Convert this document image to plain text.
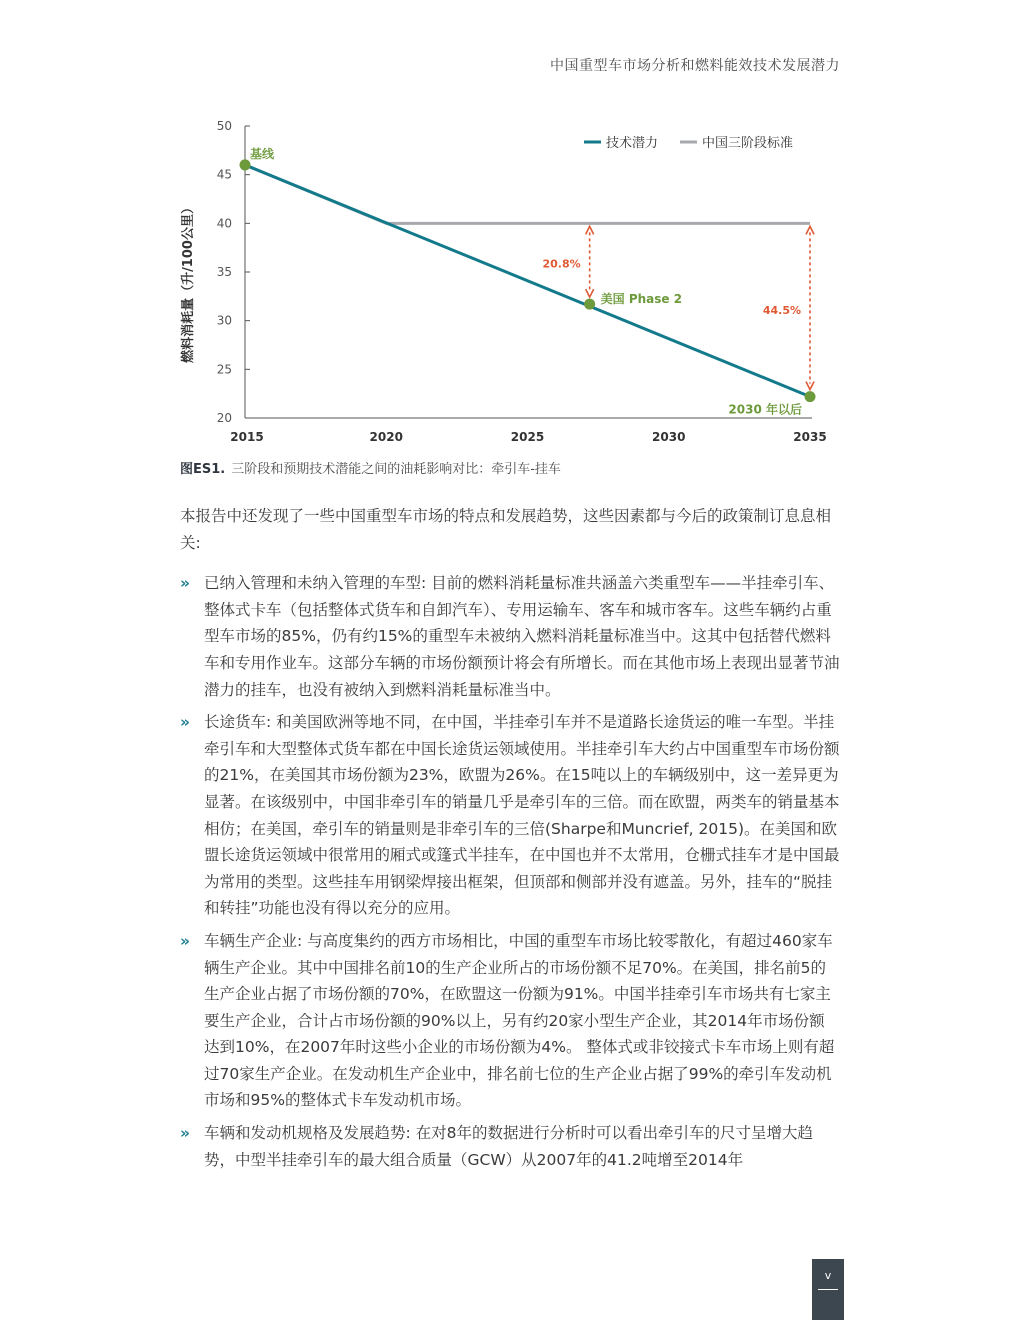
中国重型车市场分析和燃料能效技术发展潜力
50
45
40
35
30
25
20
2015	2020	2025	2030	2035
燃料消耗量（升/100公里）
技术潜力	中国三阶段标准
20.8%
44.5%
基线
美国 Phase 2
2030 年以后
图ES1. 三阶段和预期技术潜能之间的油耗影响对比：牵引车-挂车

本报告中还发现了一些中国重型车市场的特点和发展趋势，这些因素都与今后的政策制订息息相关:

» 已纳入管理和未纳入管理的车型: 目前的燃料消耗量标准共涵盖六类重型车——半挂牵引车、整体式卡车（包括整体式货车和自卸汽车）、专用运输车、客车和城市客车。这些车辆约占重型车市场的85%，仍有约15%的重型车未被纳入燃料消耗量标准当中。这其中包括替代燃料车和专用作业车。这部分车辆的市场份额预计将会有所增长。而在其他市场上表现出显著节油潜力的挂车，也没有被纳入到燃料消耗量标准当中。
» 长途货车: 和美国欧洲等地不同，在中国，半挂牵引车并不是道路长途货运的唯一车型。半挂牵引车和大型整体式货车都在中国长途货运领域使用。半挂牵引车大约占中国重型车市场份额的21%，在美国其市场份额为23%，欧盟为26%。在15吨以上的车辆级别中，这一差异更为显著。在该级别中，中国非牵引车的销量几乎是牵引车的三倍。而在欧盟，两类车的销量基本相仿；在美国，牵引车的销量则是非牵引车的三倍(Sharpe和Muncrief, 2015)。在美国和欧盟长途货运领域中很常用的厢式或篷式半挂车，在中国也并不太常用，仓栅式挂车才是中国最为常用的类型。这些挂车用钢梁焊接出框架，但顶部和侧部并没有遮盖。另外，挂车的“脱挂和转挂”功能也没有得以充分的应用。
» 车辆生产企业: 与高度集约的西方市场相比，中国的重型车市场比较零散化，有超过460家车辆生产企业。其中中国排名前10的生产企业所占的市场份额不足70%。在美国，排名前5的生产企业占据了市场份额的70%，在欧盟这一份额为91%。中国半挂牵引车市场共有七家主要生产企业，合计占市场份额的90%以上，另有约20家小型生产企业，其2014年市场份额达到10%，在2007年时这些小企业的市场份额为4%。 整体式或非铰接式卡车市场上则有超过70家生产企业。在发动机生产企业中，排名前七位的生产企业占据了99%的牵引车发动机市场和95%的整体式卡车发动机市场。
» 车辆和发动机规格及发展趋势: 在对8年的数据进行分析时可以看出牵引车的尺寸呈增大趋势，中型半挂牵引车的最大组合质量（GCW）从2007年的41.2吨增至2014年
v
